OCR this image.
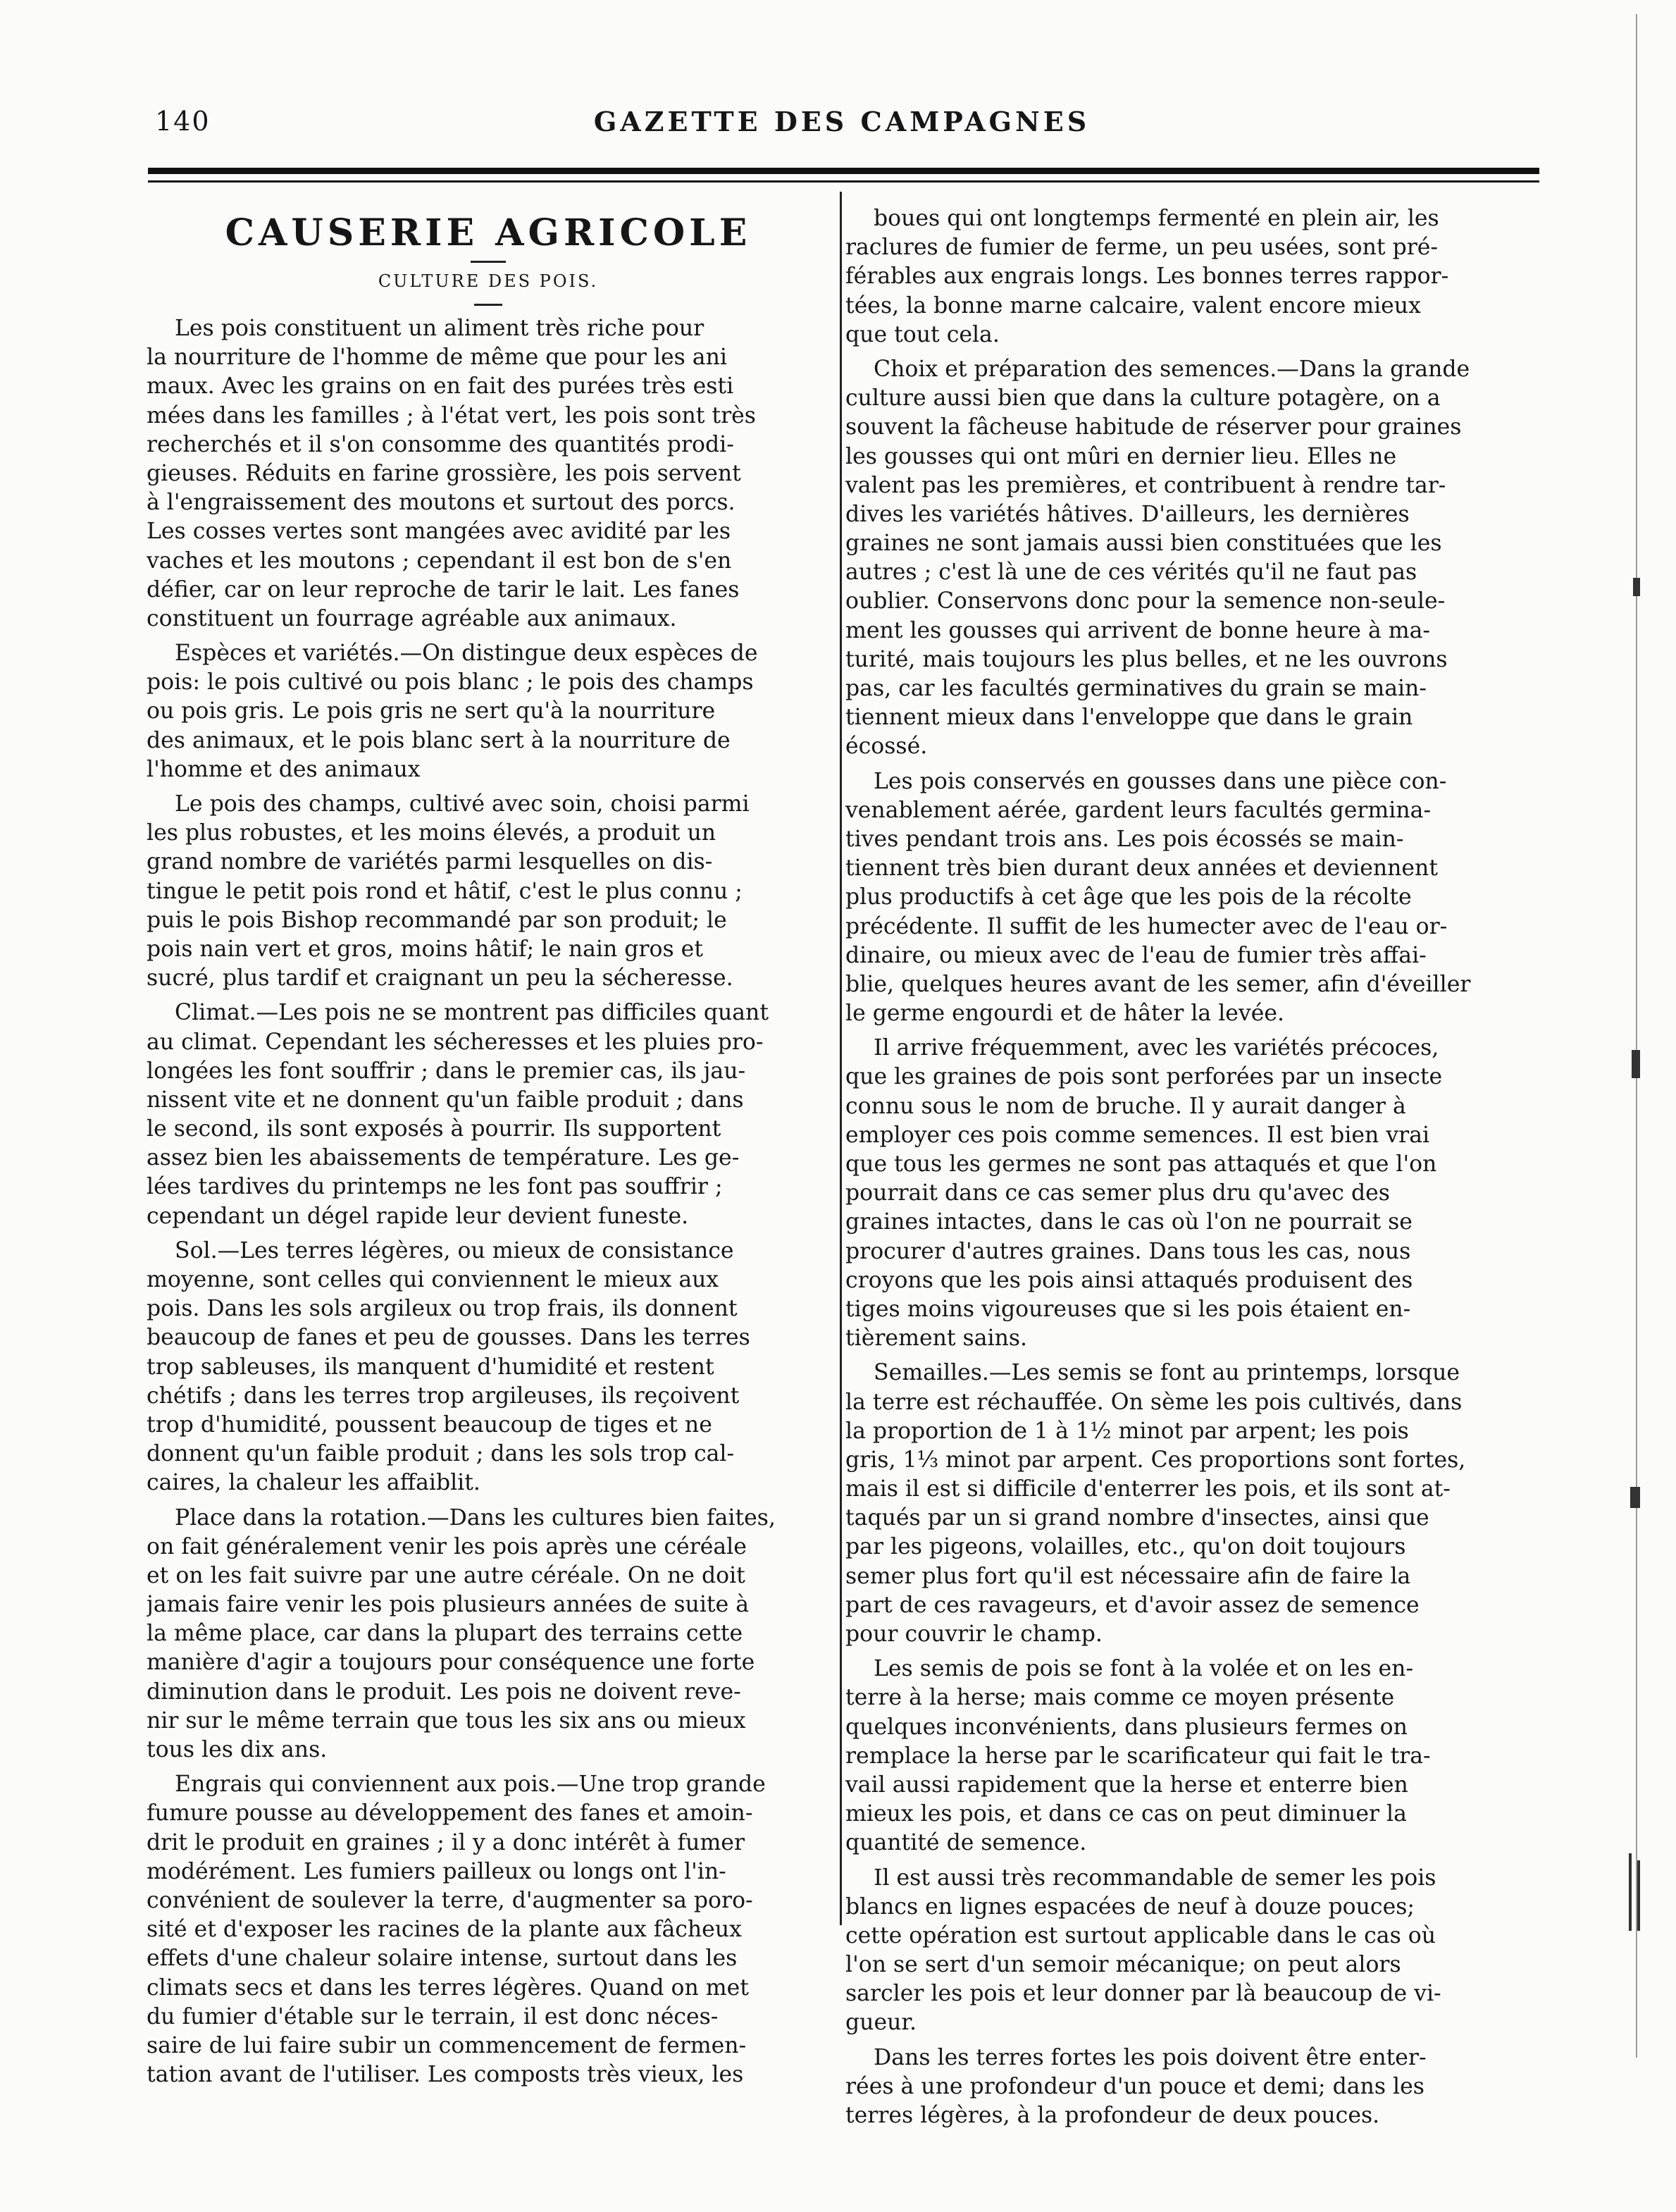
140	GAZETTE DES CAMPAGNES
CAUSERIE AGRICOLE
CULTURE DES POIS.
Les pois constituent un aliment très riche pour
la nourriture de l'homme de même que pour les ani
maux. Avec les grains on en fait des purées très esti
mées dans les familles ; à l'état vert, les pois sont très
recherchés et il s'on consomme des quantités prodi-
gieuses. Réduits en farine grossière, les pois servent
à l'engraissement des moutons et surtout des porcs.
Les cosses vertes sont mangées avec avidité par les
vaches et les moutons ; cependant il est bon de s'en
défier, car on leur reproche de tarir le lait. Les fanes
constituent un fourrage agréable aux animaux.
Espèces et variétés.—On distingue deux espèces de
pois: le pois cultivé ou pois blanc ; le pois des champs
ou pois gris. Le pois gris ne sert qu'à la nourriture
des animaux, et le pois blanc sert à la nourriture de
l'homme et des animaux
Le pois des champs, cultivé avec soin, choisi parmi
les plus robustes, et les moins élevés, a produit un
grand nombre de variétés parmi lesquelles on dis-
tingue le petit pois rond et hâtif, c'est le plus connu ;
puis le pois Bishop recommandé par son produit; le
pois nain vert et gros, moins hâtif; le nain gros et
sucré, plus tardif et craignant un peu la sécheresse.
Climat.—Les pois ne se montrent pas difficiles quant
au climat. Cependant les sécheresses et les pluies pro-
longées les font souffrir ; dans le premier cas, ils jau-
nissent vite et ne donnent qu'un faible produit ; dans
le second, ils sont exposés à pourrir. Ils supportent
assez bien les abaissements de température. Les ge-
lées tardives du printemps ne les font pas souffrir ;
cependant un dégel rapide leur devient funeste.
Sol.—Les terres légères, ou mieux de consistance
moyenne, sont celles qui conviennent le mieux aux
pois. Dans les sols argileux ou trop frais, ils donnent
beaucoup de fanes et peu de gousses. Dans les terres
trop sableuses, ils manquent d'humidité et restent
chétifs ; dans les terres trop argileuses, ils reçoivent
trop d'humidité, poussent beaucoup de tiges et ne
donnent qu'un faible produit ; dans les sols trop cal-
caires, la chaleur les affaiblit.
Place dans la rotation.—Dans les cultures bien faites,
on fait généralement venir les pois après une céréale
et on les fait suivre par une autre céréale. On ne doit
jamais faire venir les pois plusieurs années de suite à
la même place, car dans la plupart des terrains cette
manière d'agir a toujours pour conséquence une forte
diminution dans le produit. Les pois ne doivent reve-
nir sur le même terrain que tous les six ans ou mieux
tous les dix ans.
Engrais qui conviennent aux pois.—Une trop grande
fumure pousse au développement des fanes et amoin-
drit le produit en graines ; il y a donc intérêt à fumer
modérément. Les fumiers pailleux ou longs ont l'in-
convénient de soulever la terre, d'augmenter sa poro-
sité et d'exposer les racines de la plante aux fâcheux
effets d'une chaleur solaire intense, surtout dans les
climats secs et dans les terres légères. Quand on met
du fumier d'étable sur le terrain, il est donc néces-
saire de lui faire subir un commencement de fermen-
tation avant de l'utiliser. Les composts très vieux, les
boues qui ont longtemps fermenté en plein air, les
raclures de fumier de ferme, un peu usées, sont pré-
férables aux engrais longs. Les bonnes terres rappor-
tées, la bonne marne calcaire, valent encore mieux
que tout cela.
Choix et préparation des semences.—Dans la grande
culture aussi bien que dans la culture potagère, on a
souvent la fâcheuse habitude de réserver pour graines
les gousses qui ont mûri en dernier lieu. Elles ne
valent pas les premières, et contribuent à rendre tar-
dives les variétés hâtives. D'ailleurs, les dernières
graines ne sont jamais aussi bien constituées que les
autres ; c'est là une de ces vérités qu'il ne faut pas
oublier. Conservons donc pour la semence non-seule-
ment les gousses qui arrivent de bonne heure à ma-
turité, mais toujours les plus belles, et ne les ouvrons
pas, car les facultés germinatives du grain se main-
tiennent mieux dans l'enveloppe que dans le grain
écossé.
Les pois conservés en gousses dans une pièce con-
venablement aérée, gardent leurs facultés germina-
tives pendant trois ans. Les pois écossés se main-
tiennent très bien durant deux années et deviennent
plus productifs à cet âge que les pois de la récolte
précédente. Il suffit de les humecter avec de l'eau or-
dinaire, ou mieux avec de l'eau de fumier très affai-
blie, quelques heures avant de les semer, afin d'éveiller
le germe engourdi et de hâter la levée.
Il arrive fréquemment, avec les variétés précoces,
que les graines de pois sont perforées par un insecte
connu sous le nom de bruche. Il y aurait danger à
employer ces pois comme semences. Il est bien vrai
que tous les germes ne sont pas attaqués et que l'on
pourrait dans ce cas semer plus dru qu'avec des
graines intactes, dans le cas où l'on ne pourrait se
procurer d'autres graines. Dans tous les cas, nous
croyons que les pois ainsi attaqués produisent des
tiges moins vigoureuses que si les pois étaient en-
tièrement sains.
Semailles.—Les semis se font au printemps, lorsque
la terre est réchauffée. On sème les pois cultivés, dans
la proportion de 1 à 1½ minot par arpent; les pois
gris, 1⅓ minot par arpent. Ces proportions sont fortes,
mais il est si difficile d'enterrer les pois, et ils sont at-
taqués par un si grand nombre d'insectes, ainsi que
par les pigeons, volailles, etc., qu'on doit toujours
semer plus fort qu'il est nécessaire afin de faire la
part de ces ravageurs, et d'avoir assez de semence
pour couvrir le champ.
Les semis de pois se font à la volée et on les en-
terre à la herse; mais comme ce moyen présente
quelques inconvénients, dans plusieurs fermes on
remplace la herse par le scarificateur qui fait le tra-
vail aussi rapidement que la herse et enterre bien
mieux les pois, et dans ce cas on peut diminuer la
quantité de semence.
Il est aussi très recommandable de semer les pois
blancs en lignes espacées de neuf à douze pouces;
cette opération est surtout applicable dans le cas où
l'on se sert d'un semoir mécanique; on peut alors
sarcler les pois et leur donner par là beaucoup de vi-
gueur.
Dans les terres fortes les pois doivent être enter-
rées à une profondeur d'un pouce et demi; dans les
terres légères, à la profondeur de deux pouces.
